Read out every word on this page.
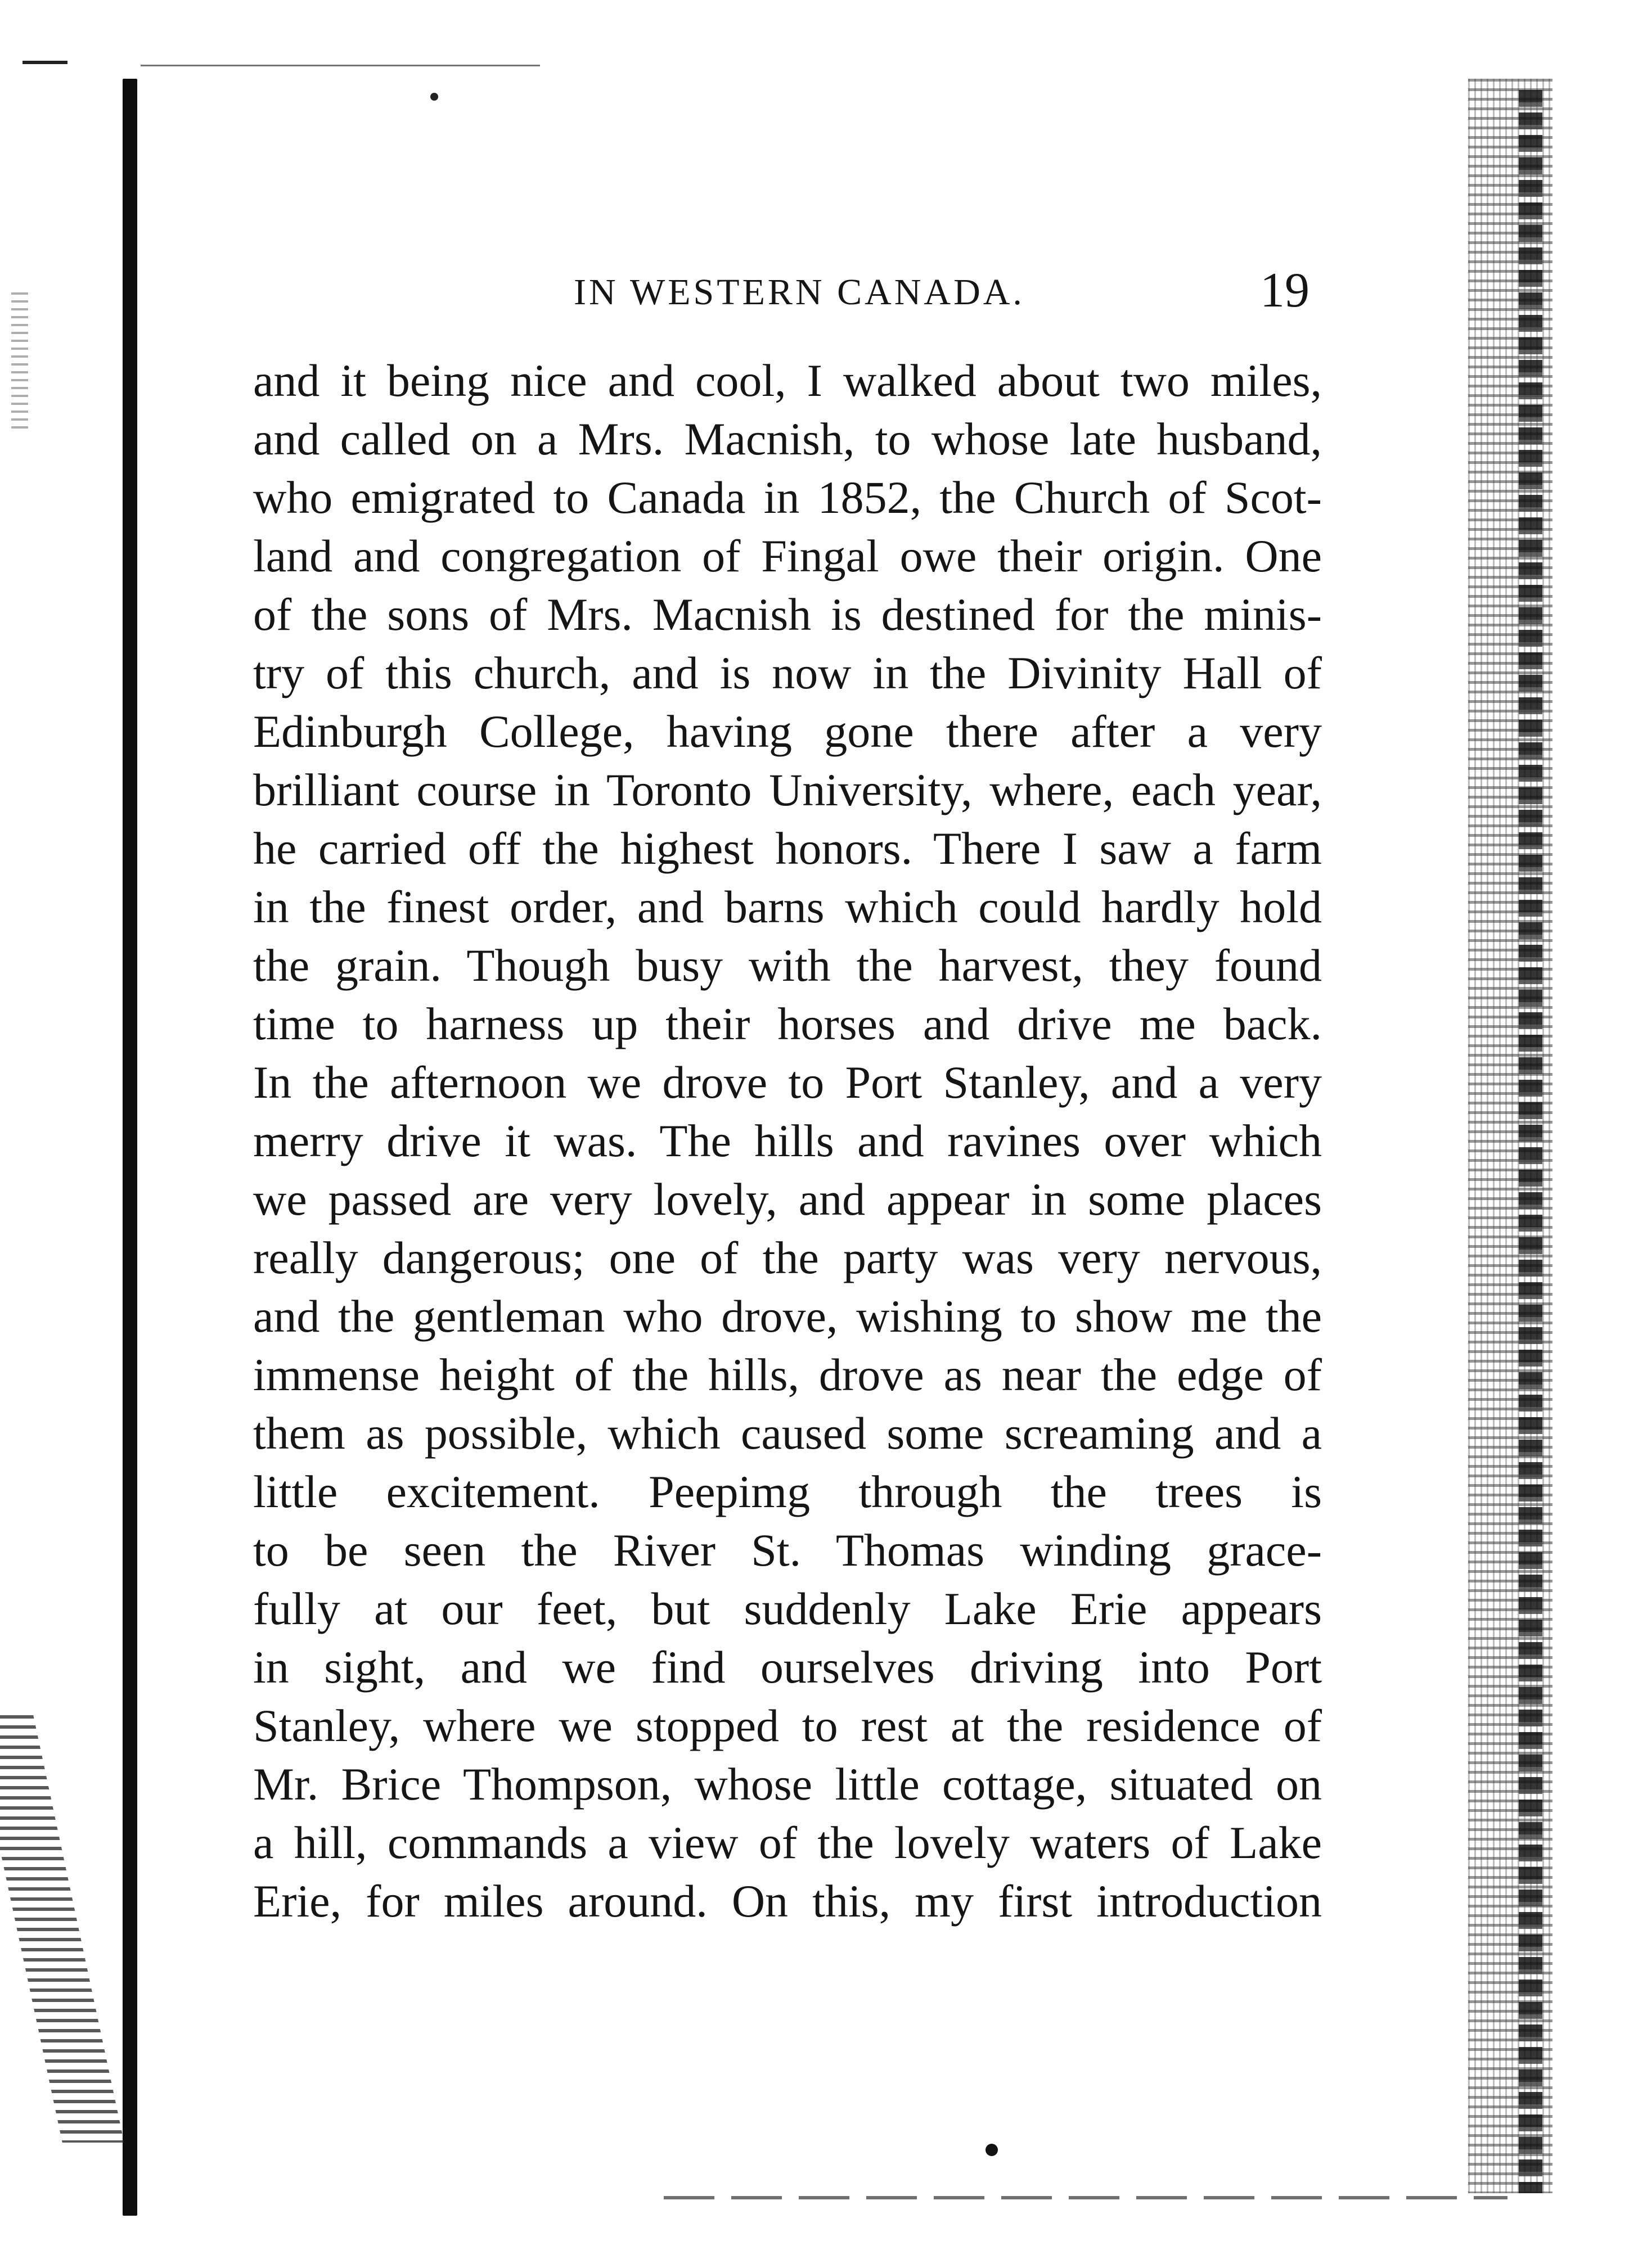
IN WESTERN CANADA.	19
and it being nice and cool, I walked about two miles,
and called on a Mrs. Macnish, to whose late husband,
who emigrated to Canada in 1852, the Church of Scot-
land and congregation of Fingal owe their origin. One
of the sons of Mrs. Macnish is destined for the minis-
try of this church, and is now in the Divinity Hall of
Edinburgh College, having gone there after a very
brilliant course in Toronto University, where, each year,
he carried off the highest honors. There I saw a farm
in the finest order, and barns which could hardly hold
the grain. Though busy with the harvest, they found
time to harness up their horses and drive me back.
In the afternoon we drove to Port Stanley, and a very
merry drive it was. The hills and ravines over which
we passed are very lovely, and appear in some places
really dangerous; one of the party was very nervous,
and the gentleman who drove, wishing to show me the
immense height of the hills, drove as near the edge of
them as possible, which caused some screaming and a
little excitement. Peepimg through the trees is
to be seen the River St. Thomas winding grace-
fully at our feet, but suddenly Lake Erie appears
in sight, and we find ourselves driving into Port
Stanley, where we stopped to rest at the residence of
Mr. Brice Thompson, whose little cottage, situated on
a hill, commands a view of the lovely waters of Lake
Erie, for miles around. On this, my first introduction
